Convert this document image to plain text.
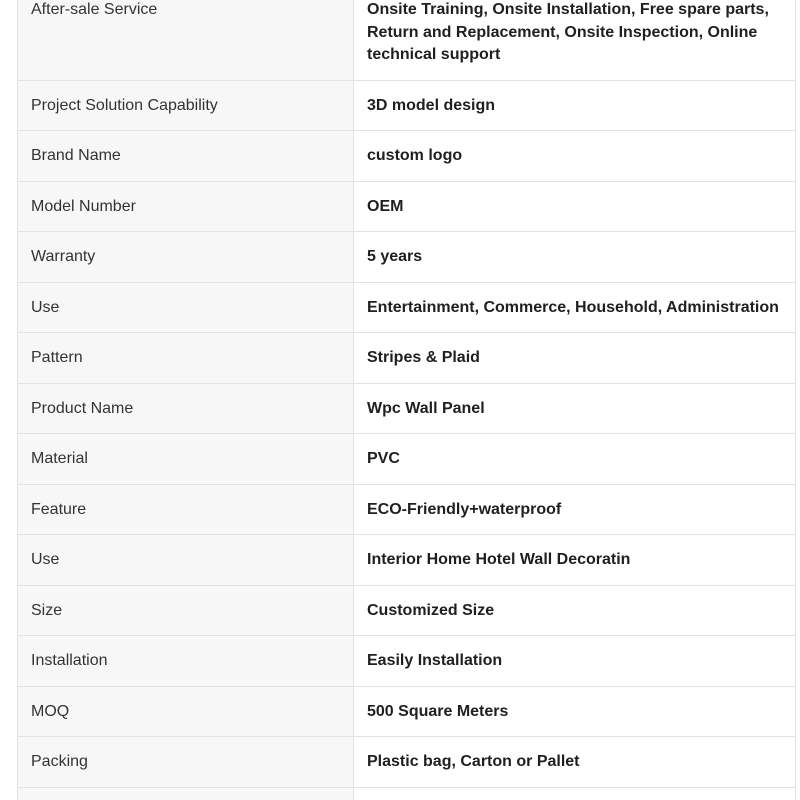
After-sale Service	Onsite Training, Onsite Installation, Free spare parts, Return and Replacement, Onsite Inspection, Online technical support

Project Solution Capability	3D model design
Brand Name	custom logo
Model Number	OEM
Warranty	5 years
Use	Entertainment, Commerce, Household, Administration
Pattern	Stripes & Plaid
Product Name	Wpc Wall Panel
Material	PVC
Feature	ECO-Friendly+waterproof
Use	Interior Home Hotel Wall Decoratin
Size	Customized Size
Installation	Easily Installation
MOQ	500 Square Meters
Packing	Plastic bag, Carton or Pallet
